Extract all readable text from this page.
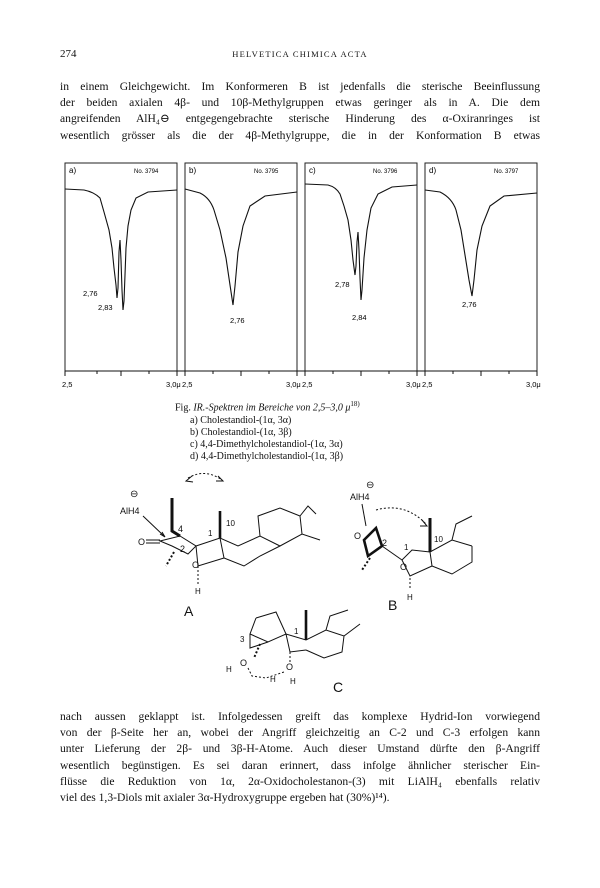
274	HELVETICA CHIMICA ACTA

in einem Gleichgewicht. Im Konformeren B ist jedenfalls die sterische Beeinflussung
der beiden axialen 4β- und 10β-Methylgruppen etwas geringer als in A. Die dem
angreifenden AlH₄⊖ entgegengebrachte sterische Hinderung des α-Oxiranringes ist
wesentlich grösser als die der 4β-Methylgruppe, die in der Konformation B etwas

a)	No. 3794
2,76
2,83
b)	No. 3795
2,76
c)	No. 3796
2,78
2,84
d)	No. 3797
2,76
2,5	3,0μ 2,5	3,0μ 2,5	3,0μ 2,5	3,0μ
Fig. IR.-Spektren im Bereiche von 2,5–3,0 $\mu^{18)}$
a) Cholestandiol-(1α, 3α)
b) Cholestandiol-(1α, 3β)
c) 4,4-Dimethylcholestandiol-(1α, 3α)
d) 4,4-Dimethylcholestandiol-(1α, 3β)
⊖
AlH4
4
2
1
10
O
O
H
A
⊖
AlH4
2 1
10
O
O
H
B
3
1
H
O
H
O
H	C

nach aussen geklappt ist. Infolgedessen greift das komplexe Hydrid-Ion vorwiegend
von der β-Seite her an, wobei der Angriff gleichzeitig an C-2 und C-3 erfolgen kann
unter Lieferung der 2β- und 3β-H-Atome. Auch dieser Umstand dürfte den β-Angriff
wesentlich begünstigen. Es sei daran erinnert, dass infolge ähnlicher sterischer Ein-
flüsse die Reduktion von 1α, 2α-Oxidocholestanon-(3) mit LiAlH₄ ebenfalls relativ
viel des 1,3-Diols mit axialer 3α-Hydroxygruppe ergeben hat (30%)¹⁴).
